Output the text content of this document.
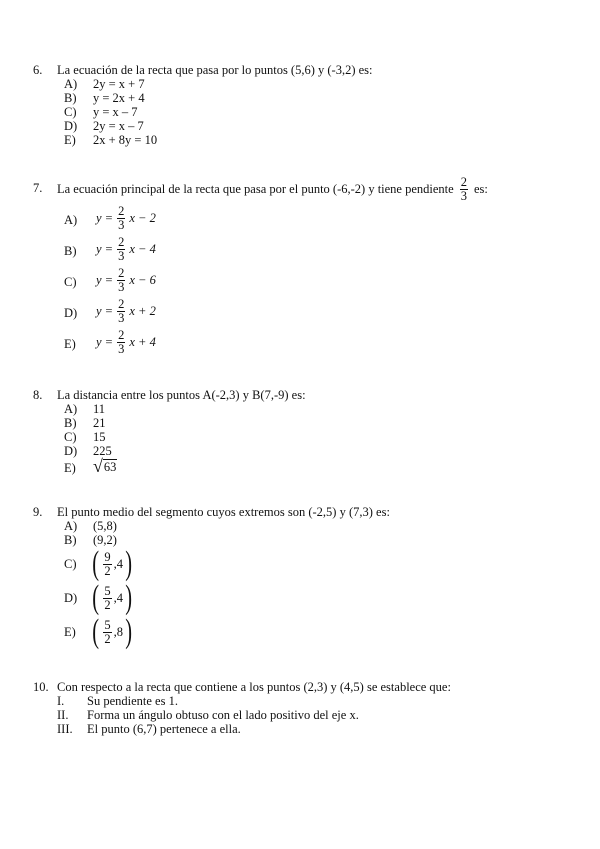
6. La ecuación de la recta que pasa por lo puntos (5,6) y (-3,2) es:
A) 2y = x + 7
B) y = 2x + 4
C) y = x – 7
D) 2y = x – 7
E) 2x + 8y = 10
7. La ecuación principal de la recta que pasa por el punto (-6,-2) y tiene pendiente $\frac{2}{3}$ es:
A) $y = \frac{2}{3}$ x − 2
B) $y = \frac{2}{3}$ x − 4
C) $y = \frac{2}{3}$ x − 6
D) $y = \frac{2}{3}$ x + 2
E) $y = \frac{2}{3}$ x + 4
8. La distancia entre los puntos A(-2,3) y B(7,-9) es:
A) 11
B) 21
C) 15
D) 225
E) √ 63
9. El punto medio del segmento cuyos extremos son (-2,5) y (7,3) es:
A) (5,8)
B) (9,2)
C) ( $\frac{9}{2} ,4$ )
D) ( $\frac{5}{2} ,4$ )
E) ( $\frac{5}{2} ,8$ )
10. Con respecto a la recta que contiene a los puntos (2,3) y (4,5) se establece que:
I. Su pendiente es 1.
II. Forma un ángulo obtuso con el lado positivo del eje x.
III. El punto (6,7) pertenece a ella.
